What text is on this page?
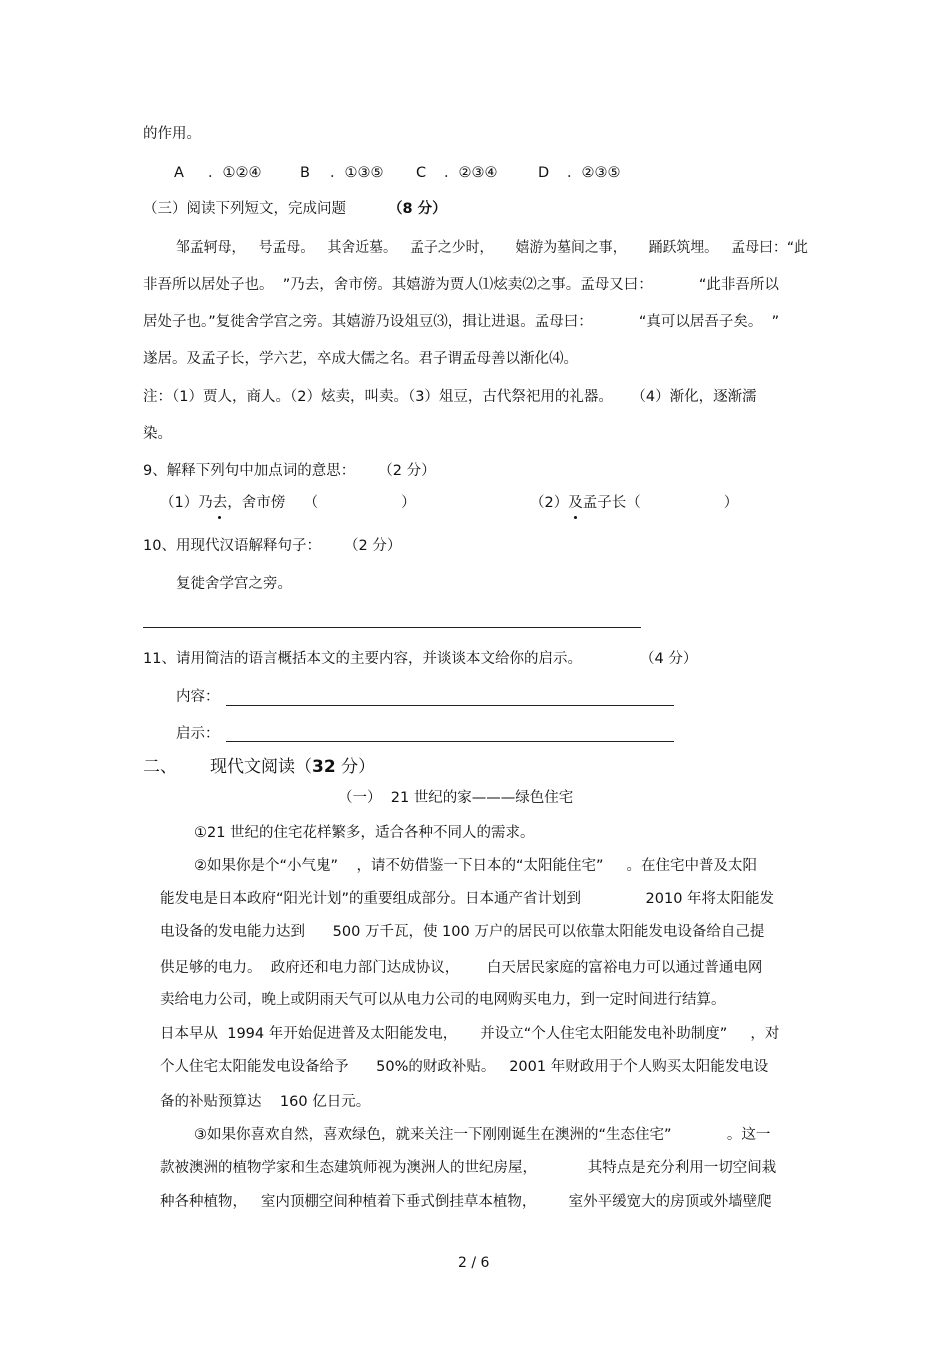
的作用。
A ．①②④	B ．①③⑤ C ．②③④	D ．②③⑤
（三）阅读下列短文，完成问题	（8 分）
邹孟轲母，   号孟母。   其舍近墓。   孟子之少时，     嬉游为墓间之事，     踊跃筑埋。   孟母曰：“此
非吾所以居处子也。  ”乃去，舍市傍。其嬉游为贾人⑴炫卖⑵之事。孟母又曰：          “此非吾所以
居处子也。”复徙舍学宫之旁。其嬉游乃设俎豆⑶，揖让进退。孟母曰：          “真可以居吾子矣。  ”
遂居。及孟子长，学六艺，卒成大儒之名。君子谓孟母善以渐化⑷。
注：（1）贾人，商人。（2）炫卖，叫卖。（3）俎豆，古代祭祀用的礼器。    （4）渐化，逐渐濡
染。
9、解释下列句中加点词的意思：     （2 分）
（1）乃去，舍市傍    （                  ）	（2）及孟子长（                  ）
10、用现代汉语解释句子：     （2 分）
复徙舍学宫之旁。
11、请用简洁的语言概括本文的主要内容，并谈谈本文给你的启示。	（4 分）
内容：
启示：
二、 现代文阅读（32 分）
（一）  21 世纪的家———绿色住宅
①21 世纪的住宅花样繁多，适合各种不同人的需求。
②如果你是个“小气鬼”    ，请不妨借鉴一下日本的“太阳能住宅”     。在住宅中普及太阳
能发电是日本政府“阳光计划”的重要组成部分。日本通产省计划到              2010 年将太阳能发
电设备的发电能力达到      500 万千瓦，使 100 万户的居民可以依靠太阳能发电设备给自己提
供足够的电力。  政府还和电力部门达成协议，      白天居民家庭的富裕电力可以通过普通电网
卖给电力公司，晚上或阴雨天气可以从电力公司的电网购买电力，到一定时间进行结算。
日本早从  1994 年开始促进普及太阳能发电，     并设立“个人住宅太阳能发电补助制度”     ，对
个人住宅太阳能发电设备给予      50%的财政补贴。   2001 年财政用于个人购买太阳能发电设
备的补贴预算达    160 亿日元。
③如果你喜欢自然，喜欢绿色，就来关注一下刚刚诞生在澳洲的“生态住宅”            。这一
款被澳洲的植物学家和生态建筑师视为澳洲人的世纪房屋，           其特点是充分利用一切空间栽
种各种植物，   室内顶棚空间种植着下垂式倒挂草本植物，       室外平缓宽大的房顶或外墙壁爬
2 / 6
